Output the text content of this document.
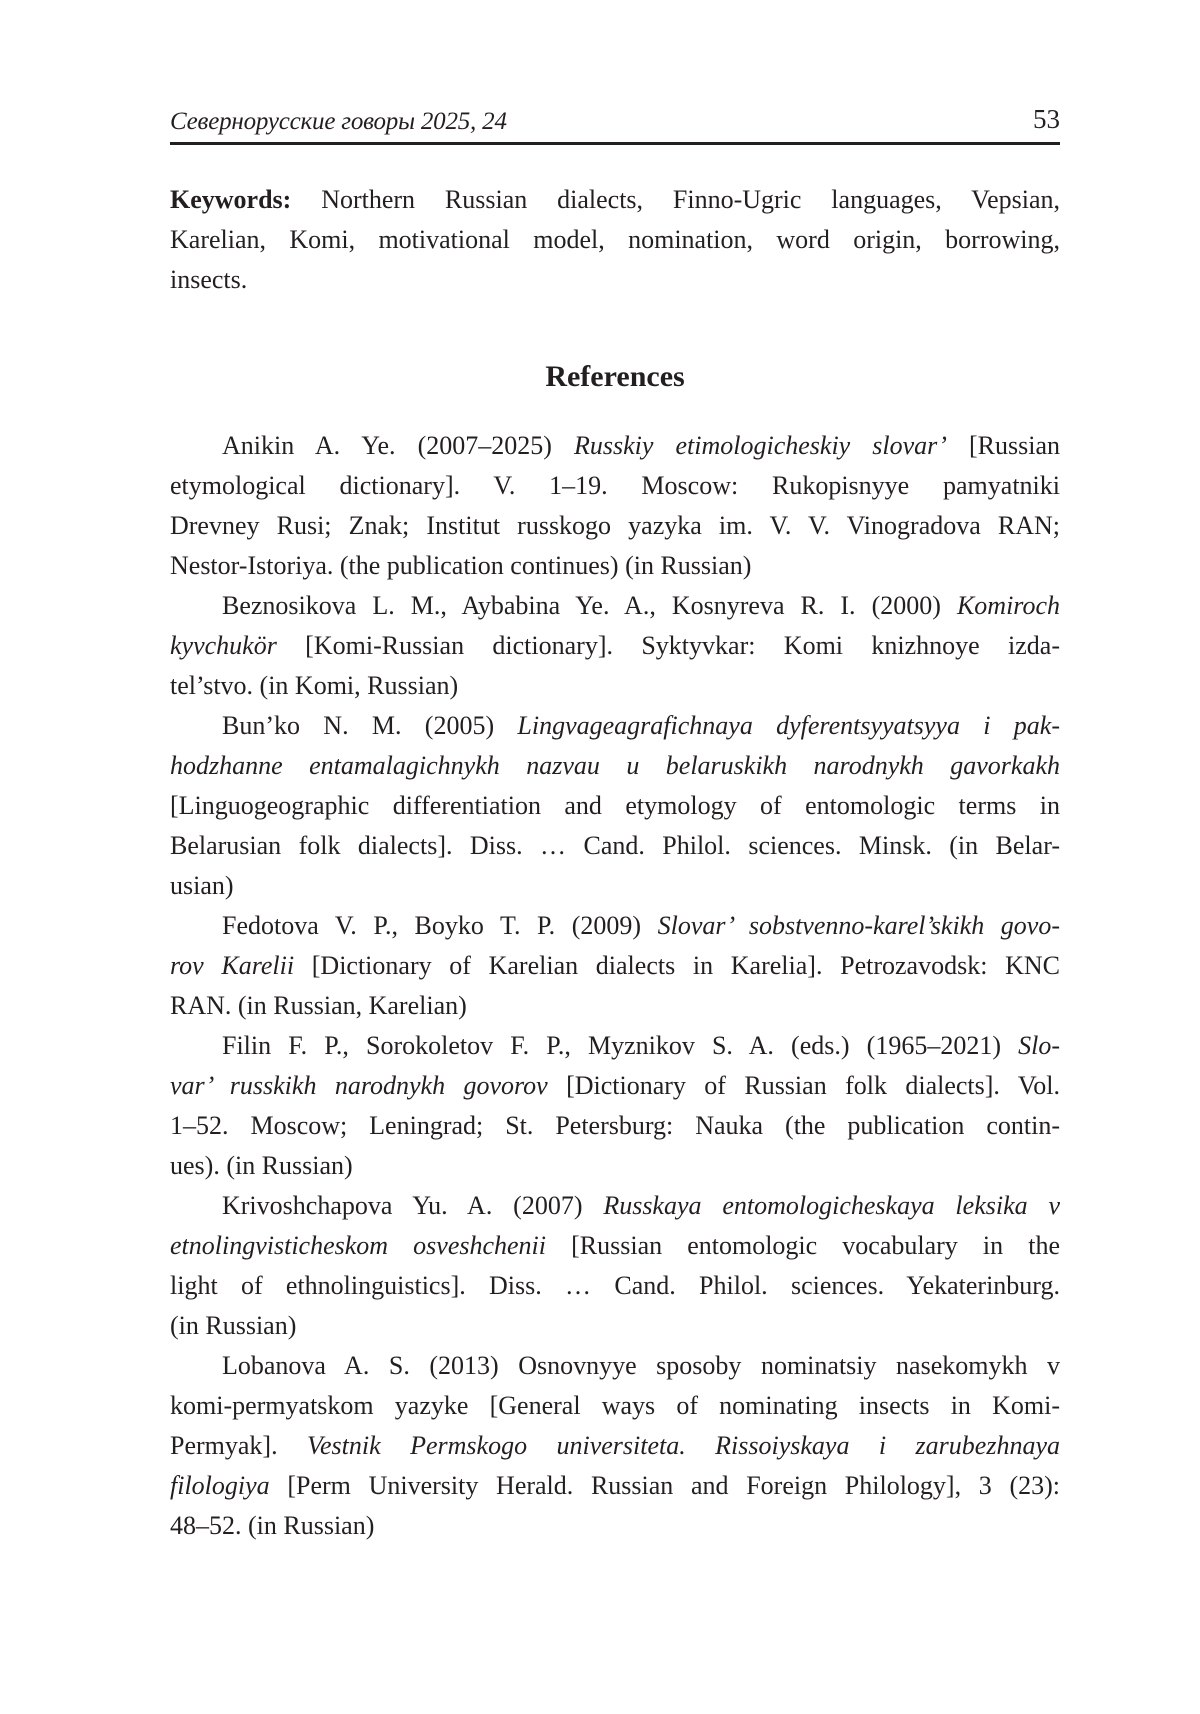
Севернорусские говоры 2025, 24	53
Keywords: Northern Russian dialects, Finno-Ugric languages, Vepsian,
Karelian, Komi, motivational model, nomination, word origin, borrowing,
insects.
References
Anikin A. Ye. (2007–2025) Russkiy etimologicheskiy slovar’ [Russian
etymological dictionary]. V. 1–19. Moscow: Rukopisnyye pamyatniki
Drevney Rusi; Znak; Institut russkogo yazyka im. V. V. Vinogradova RAN;
Nestor-Istoriya. (the publication continues) (in Russian)
Beznosikova L. M., Aybabina Ye. A., Kosnyreva R. I. (2000) Komiroch
kyvchukör [Komi-Russian dictionary]. Syktyvkar: Komi knizhnoye izda-
tel’stvo. (in Komi, Russian)
Bun’ko N. M. (2005) Lingvageagrafichnaya dyferentsyyatsyya i pak-
hodzhanne entamalagichnykh nazvau u belaruskikh narodnykh gavorkakh
[Linguogeographic differentiation and etymology of entomologic terms in
Belarusian folk dialects]. Diss. … Cand. Philol. sciences. Minsk. (in Belar-
usian)
Fedotova V. P., Boyko T. P. (2009) Slovar’ sobstvenno-karel’skikh govo-
rov Karelii [Dictionary of Karelian dialects in Karelia]. Petrozavodsk: KNC
RAN. (in Russian, Karelian)
Filin F. P., Sorokoletov F. P., Myznikov S. A. (eds.) (1965–2021) Slo-
var’ russkikh narodnykh govorov [Dictionary of Russian folk dialects]. Vol.
1–52. Moscow; Leningrad; St. Petersburg: Nauka (the publication contin-
ues). (in Russian)
Krivoshchapova Yu. A. (2007) Russkaya entomologicheskaya leksika v
etnolingvisticheskom osveshchenii [Russian entomologic vocabulary in the
light of ethnolinguistics]. Diss. … Cand. Philol. sciences. Yekaterinburg.
(in Russian)
Lobanova A. S. (2013) Osnovnyye sposoby nominatsiy nasekomykh v
komi-permyatskom yazyke [General ways of nominating insects in Komi-
Permyak]. Vestnik Permskogo universiteta. Rissoiyskaya i zarubezhnaya
filologiya [Perm University Herald. Russian and Foreign Philology], 3 (23):
48–52. (in Russian)
